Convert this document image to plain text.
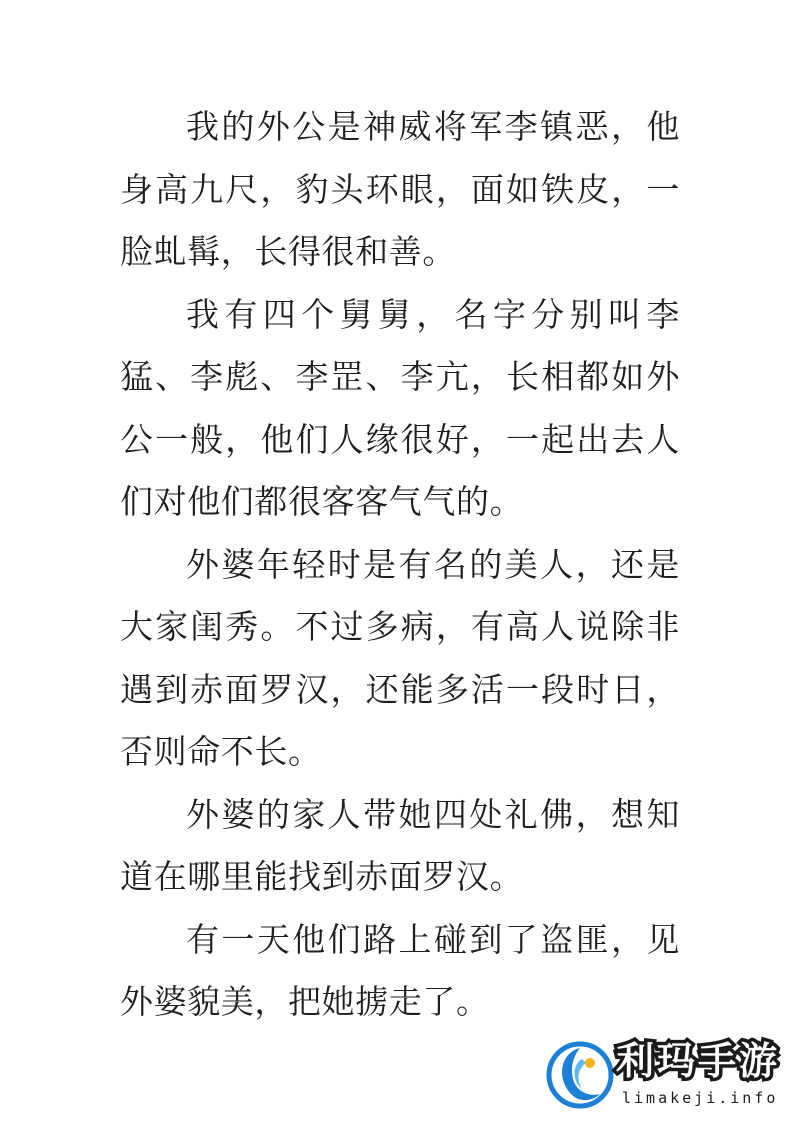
我的外公是神威将军李镇恶，他身高九尺，豹头环眼，面如铁皮，一脸虬髯，长得很和善。

我有四个舅舅，名字分别叫李猛、李彪、李罡、李亢，长相都如外公一般，他们人缘很好，一起出去人们对他们都很客客气气的。

外婆年轻时是有名的美人，还是大家闺秀。不过多病，有高人说除非遇到赤面罗汉，还能多活一段时日，否则命不长。

外婆的家人带她四处礼佛，想知道在哪里能找到赤面罗汉。

有一天他们路上碰到了盗匪，见外婆貌美，把她掳走了。

利玛手游
limakeji.info
